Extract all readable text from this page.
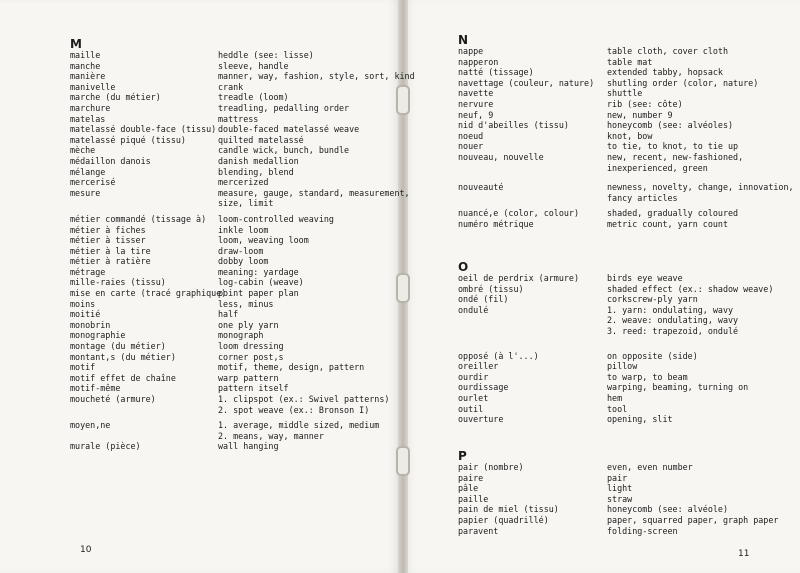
M
maille
manche
manière
manivelle
marche (du métier)
marchure
matelas
matelassé double-face (tissu)
matelassé piqué (tissu)
mèche
médaillon danois
mélange
mercerisé
mesure
métier commandé (tissage à)
métier à fiches
métier à tisser
métier à la tire
métier à ratière
métrage
mille-raies (tissu)
mise en carte (tracé graphique)
moins
moitié
monobrin
monographie
montage (du métier)
montant,s (du métier)
motif
motif effet de chaîne
motif-même
moucheté (armure)
moyen,ne
murale (pièce)
heddle (see: lisse)
sleeve, handle
manner, way, fashion, style, sort, kind
crank
treadle (loom)
treadling, pedalling order
mattress
double-faced matelassé weave
quilted matelassé
candle wick, bunch, bundle
danish medallion
blending, blend
mercerized
measure, gauge, standard, measurement,
size, limit
loom-controlled weaving
inkle loom
loom, weaving loom
draw-loom
dobby loom
meaning: yardage
log-cabin (weave)
point paper plan
less, minus
half
one ply yarn
monograph
loom dressing
corner post,s
motif, theme, design, pattern
warp pattern
pattern itself
1. clipspot (ex.: Swivel patterns)
2. spot weave (ex.: Bronson I)
1. average, middle sized, medium
2. means, way, manner
wall hanging
10
N
nappe
napperon
natté (tissage)
navettage (couleur, nature)
navette
nervure
neuf, 9
nid d'abeilles (tissu)
noeud
nouer
nouveau, nouvelle
nouveauté
nuancé,e (color, colour)
numéro métrique
table cloth, cover cloth
table mat
extended tabby, hopsack
shutling order (color, nature)
shuttle
rib (see: côte)
new, number 9
honeycomb (see: alvéoles)
knot, bow
to tie, to knot, to tie up
new, recent, new-fashioned,
inexperienced, green
newness, novelty, change, innovation,
fancy articles
shaded, gradually coloured
metric count, yarn count
O
oeil de perdrix (armure)
ombré (tissu)
ondé (fil)
ondulé
opposé (à l'...)
oreiller
ourdir
ourdissage
ourlet
outil
ouverture
birds eye weave
shaded effect (ex.: shadow weave)
corkscrew-ply yarn
1. yarn: ondulating, wavy
2. weave: ondulating, wavy
3. reed: trapezoid, ondulé
on opposite (side)
pillow
to warp, to beam
warping, beaming, turning on
hem
tool
opening, slit
P
pair (nombre)
paire
pâle
paille
pain de miel (tissu)
papier (quadrillé)
paravent
even, even number
pair
light
straw
honeycomb (see: alvéole)
paper, squarred paper, graph paper
folding-screen
11
